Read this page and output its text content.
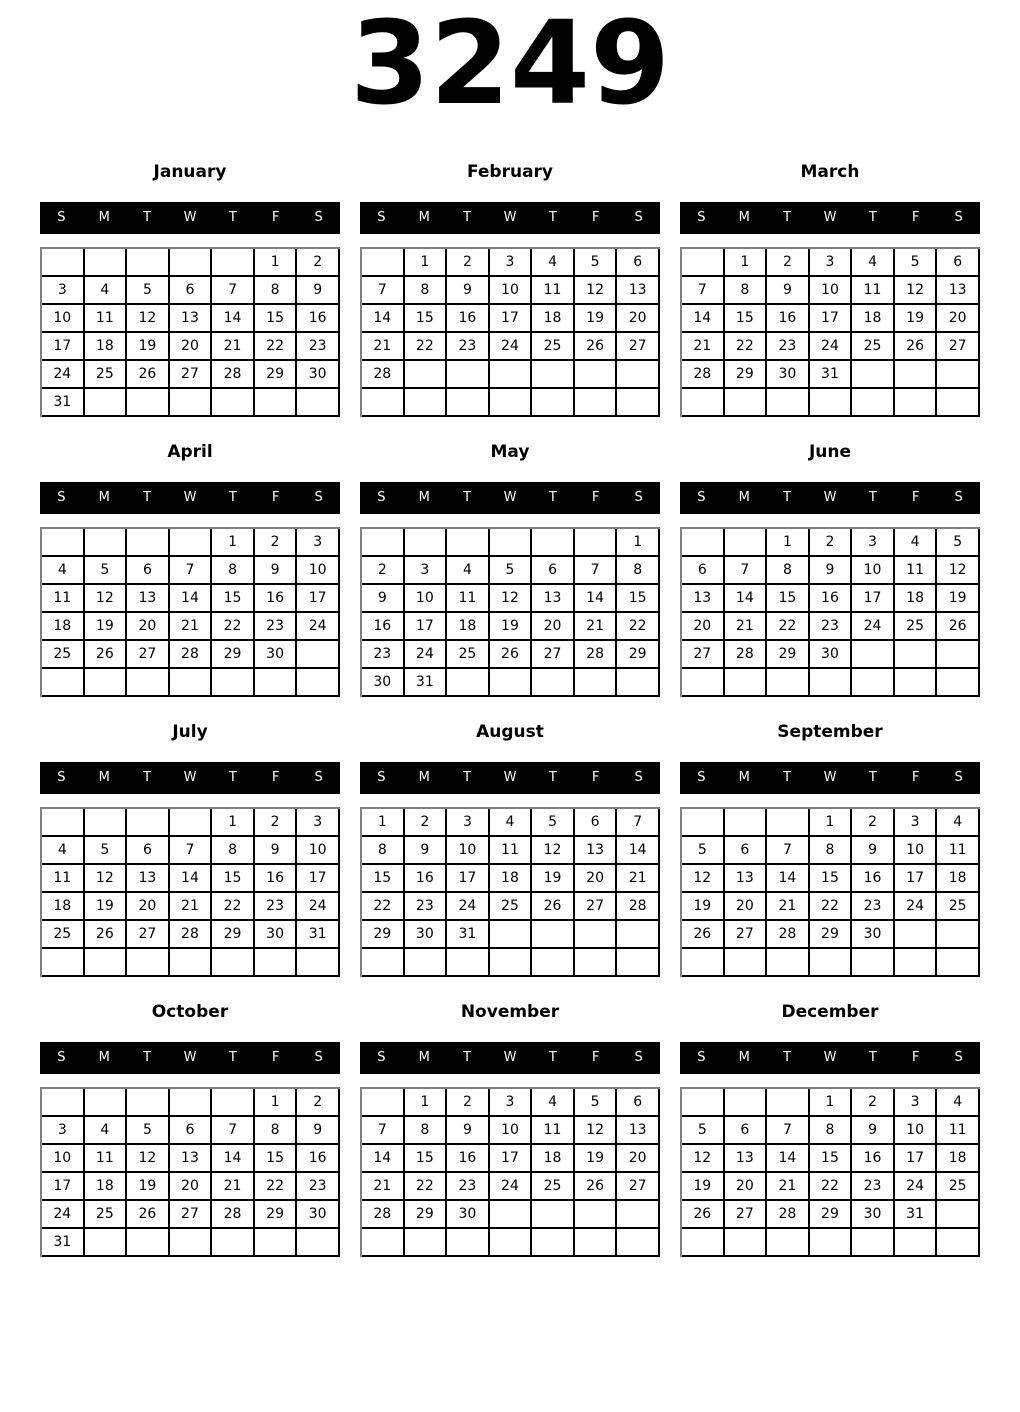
3249
January
S	M	T	W	T	F	S
					1	2
3	4	5	6	7	8	9
10	11	12	13	14	15	16
17	18	19	20	21	22	23
24	25	26	27	28	29	30
31						
February
S	M	T	W	T	F	S
	1	2	3	4	5	6
7	8	9	10	11	12	13
14	15	16	17	18	19	20
21	22	23	24	25	26	27
28						

March
S	M	T	W	T	F	S
	1	2	3	4	5	6
7	8	9	10	11	12	13
14	15	16	17	18	19	20
21	22	23	24	25	26	27
28	29	30	31			

April
S	M	T	W	T	F	S
				1	2	3
4	5	6	7	8	9	10
11	12	13	14	15	16	17
18	19	20	21	22	23	24
25	26	27	28	29	30	

May
S	M	T	W	T	F	S
						1
2	3	4	5	6	7	8
9	10	11	12	13	14	15
16	17	18	19	20	21	22
23	24	25	26	27	28	29
30	31					
June
S	M	T	W	T	F	S
		1	2	3	4	5
6	7	8	9	10	11	12
13	14	15	16	17	18	19
20	21	22	23	24	25	26
27	28	29	30			

July
S	M	T	W	T	F	S
				1	2	3
4	5	6	7	8	9	10
11	12	13	14	15	16	17
18	19	20	21	22	23	24
25	26	27	28	29	30	31

August
S	M	T	W	T	F	S
1	2	3	4	5	6	7
8	9	10	11	12	13	14
15	16	17	18	19	20	21
22	23	24	25	26	27	28
29	30	31				

September
S	M	T	W	T	F	S
			1	2	3	4
5	6	7	8	9	10	11
12	13	14	15	16	17	18
19	20	21	22	23	24	25
26	27	28	29	30		

October
S	M	T	W	T	F	S
					1	2
3	4	5	6	7	8	9
10	11	12	13	14	15	16
17	18	19	20	21	22	23
24	25	26	27	28	29	30
31						
November
S	M	T	W	T	F	S
	1	2	3	4	5	6
7	8	9	10	11	12	13
14	15	16	17	18	19	20
21	22	23	24	25	26	27
28	29	30				

December
S	M	T	W	T	F	S
			1	2	3	4
5	6	7	8	9	10	11
12	13	14	15	16	17	18
19	20	21	22	23	24	25
26	27	28	29	30	31	
